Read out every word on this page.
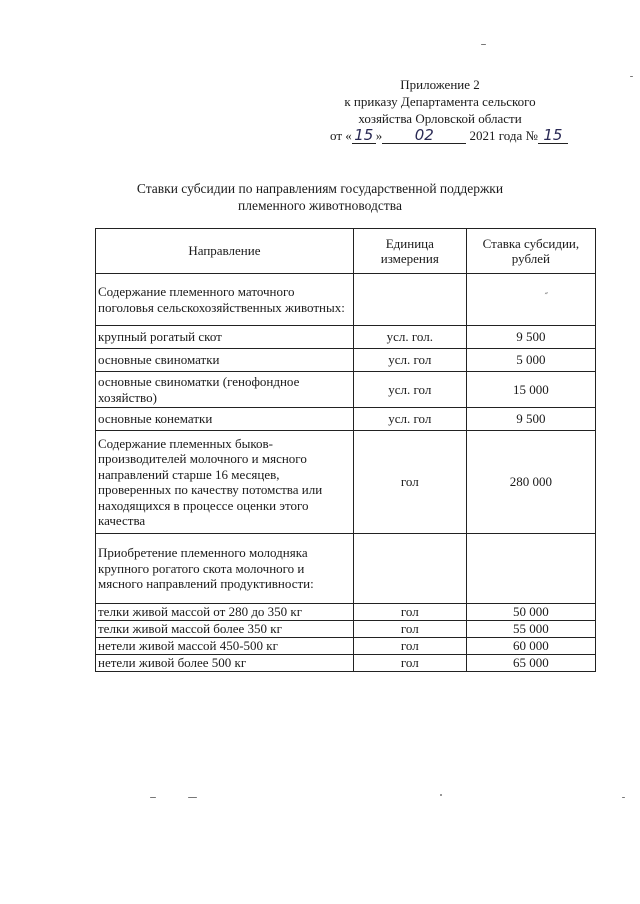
Приложение 2
к приказу Департамента сельского
хозяйства Орловской области
от « 15 » 02	2021 года № 15
Ставки субсидии по направлениям государственной поддержки
племенного животноводства
Направление	Единица измерения	Ставка субсидии, рублей
Содержание племенного маточного поголовья сельскохозяйственных животных:		″

крупный рогатый скот	усл. гол.	9 500
основные свиноматки	усл. гол	5 000
основные свиноматки (генофондное хозяйство)	усл. гол	15 000
основные конематки	усл. гол	9 500
Содержание племенных быков-производителей молочного и мясного направлений старше 16 месяцев, проверенных по качеству потомства или находящихся в процессе оценки этого качества	гол	280 000
Приобретение племенного молодняка крупного рогатого скота молочного и мясного направлений продуктивности:		
телки живой массой от 280 до 350 кг	гол	50 000
телки живой массой более 350 кг	гол	55 000
нетели живой массой 450-500 кг	гол	60 000
нетели живой более 500 кг	гол	65 000
